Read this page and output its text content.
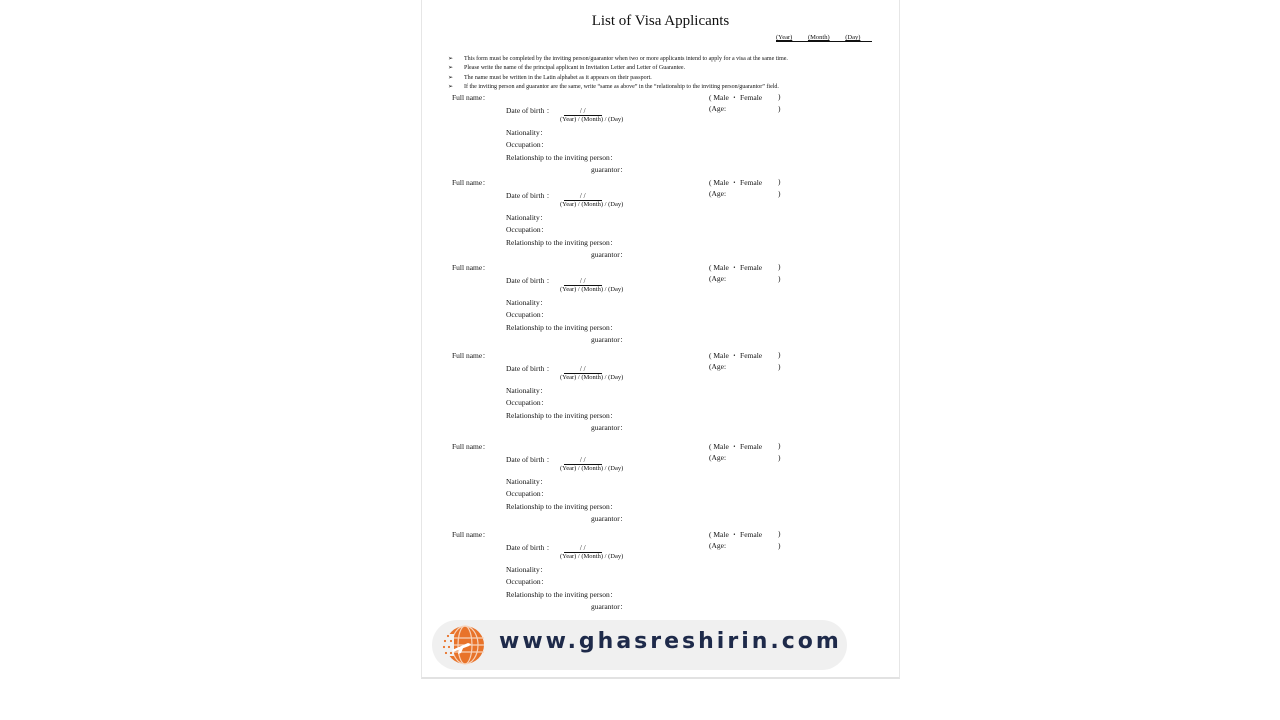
List of Visa Applicants
(Year) (Month) (Day)
➢ This form must be completed by the inviting person/guarantor when two or more applicants intend to apply for a visa at the same time.
➢ Please write the name of the principal applicant in Invitation Letter and Letter of Guarantee.
➢ The name must be written in the Latin alphabet as it appears on their passport.
➢ If the inviting person and guarantor are the same, write “same as above” in the “relationship to the inviting person/guarantor” field.
Full name：	( Male ・ Female )
(Age:	)
Date of birth ：	/ /
(Year) / (Month) / (Day)
Nationality：
Occupation：
Relationship to the inviting person：
guarantor：
Full name：	( Male ・ Female )
(Age:	)
Date of birth ：	/ /
(Year) / (Month) / (Day)
Nationality：
Occupation：
Relationship to the inviting person：
guarantor：
Full name：	( Male ・ Female )
(Age:	)
Date of birth ：	/ /
(Year) / (Month) / (Day)
Nationality：
Occupation：
Relationship to the inviting person：
guarantor：
Full name：	( Male ・ Female )
(Age:	)
Date of birth ：	/ /
(Year) / (Month) / (Day)
Nationality：
Occupation：
Relationship to the inviting person：
guarantor：
Full name：	( Male ・ Female )
(Age:	)
Date of birth ：	/ /
(Year) / (Month) / (Day)
Nationality：
Occupation：
Relationship to the inviting person：
guarantor：
Full name：	( Male ・ Female )
(Age:	)
Date of birth ：	/ /
(Year) / (Month) / (Day)
Nationality：
Occupation：
Relationship to the inviting person：
guarantor：
www.ghasreshirin.com
